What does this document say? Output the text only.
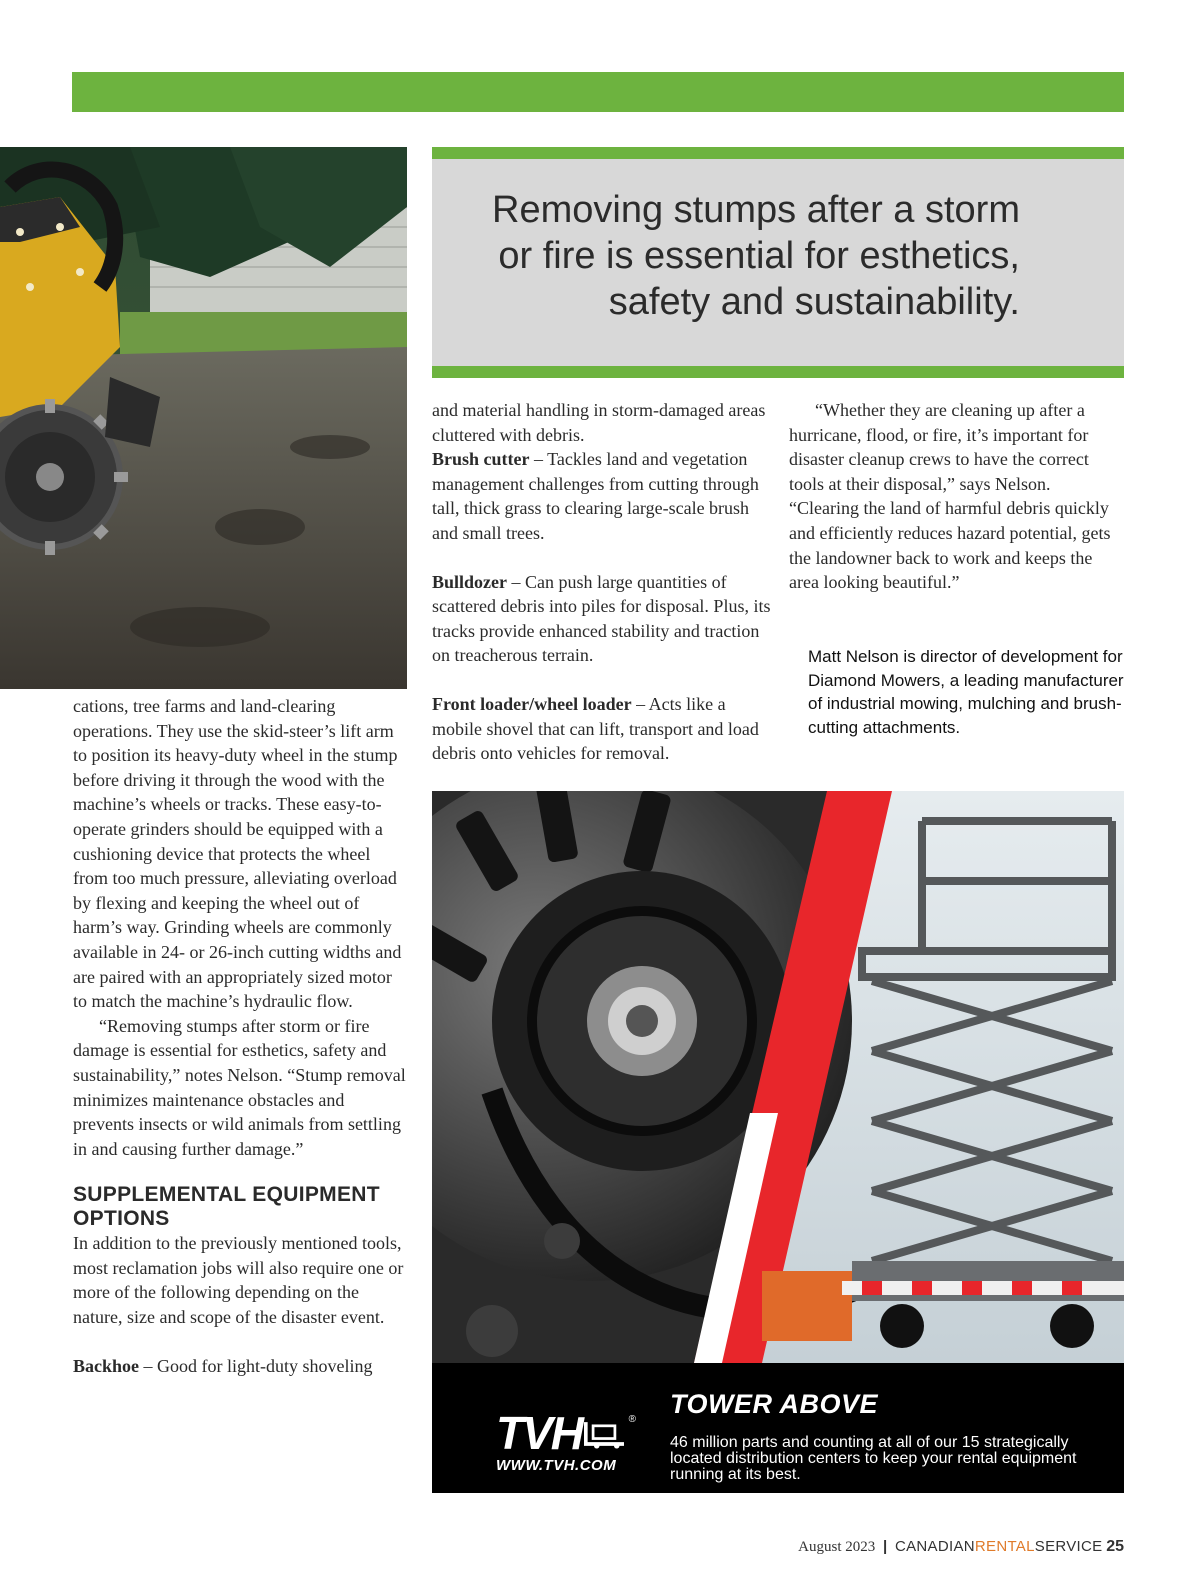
Removing stumps after a storm or fire is essential for esthetics, safety and sustainability.

cations, tree farms and land-clearing operations. They use the skid-steer’s lift arm to position its heavy-duty wheel in the stump before driving it through the wood with the machine’s wheels or tracks. These easy-to-operate grinders should be equipped with a cushioning device that protects the wheel from too much pressure, alleviating overload by flexing and keeping the wheel out of harm’s way. Grinding wheels are commonly available in 24- or 26-inch cutting widths and are paired with an appropriately sized motor to match the machine’s hydraulic flow.

“Removing stumps after storm or fire damage is essential for esthetics, safety and sustainability,” notes Nelson. “Stump removal minimizes maintenance obstacles and prevents insects or wild animals from settling in and causing further damage.”

SUPPLEMENTAL EQUIPMENT OPTIONS

In addition to the previously mentioned tools, most reclamation jobs will also require one or more of the following depending on the nature, size and scope of the disaster event.

Backhoe – Good for light-duty shoveling

and material handling in storm-damaged areas cluttered with debris.

Brush cutter – Tackles land and vegetation management challenges from cutting through tall, thick grass to clearing large-scale brush and small trees.

Bulldozer – Can push large quantities of scattered debris into piles for disposal. Plus, its tracks provide enhanced stability and traction on treacherous terrain.

Front loader/wheel loader – Acts like a mobile shovel that can lift, transport and load debris onto vehicles for removal.

“Whether they are cleaning up after a hurricane, flood, or fire, it’s important for disaster cleanup crews to have the correct tools at their disposal,” says Nelson. “Clearing the land of harmful debris quickly and efficiently reduces hazard potential, gets the landowner back to work and keeps the area looking beautiful.”

Matt Nelson is director of development for Diamond Mowers, a leading manufacturer of industrial mowing, mulching and brush-cutting attachments.
TVH	®
WWW.TVH.COM
TOWER ABOVE
46 million parts and counting at all of our 15 strategically located distribution centers to keep your rental equipment running at its best.
August 2023 | CANADIANRENTALSERVICE 25
